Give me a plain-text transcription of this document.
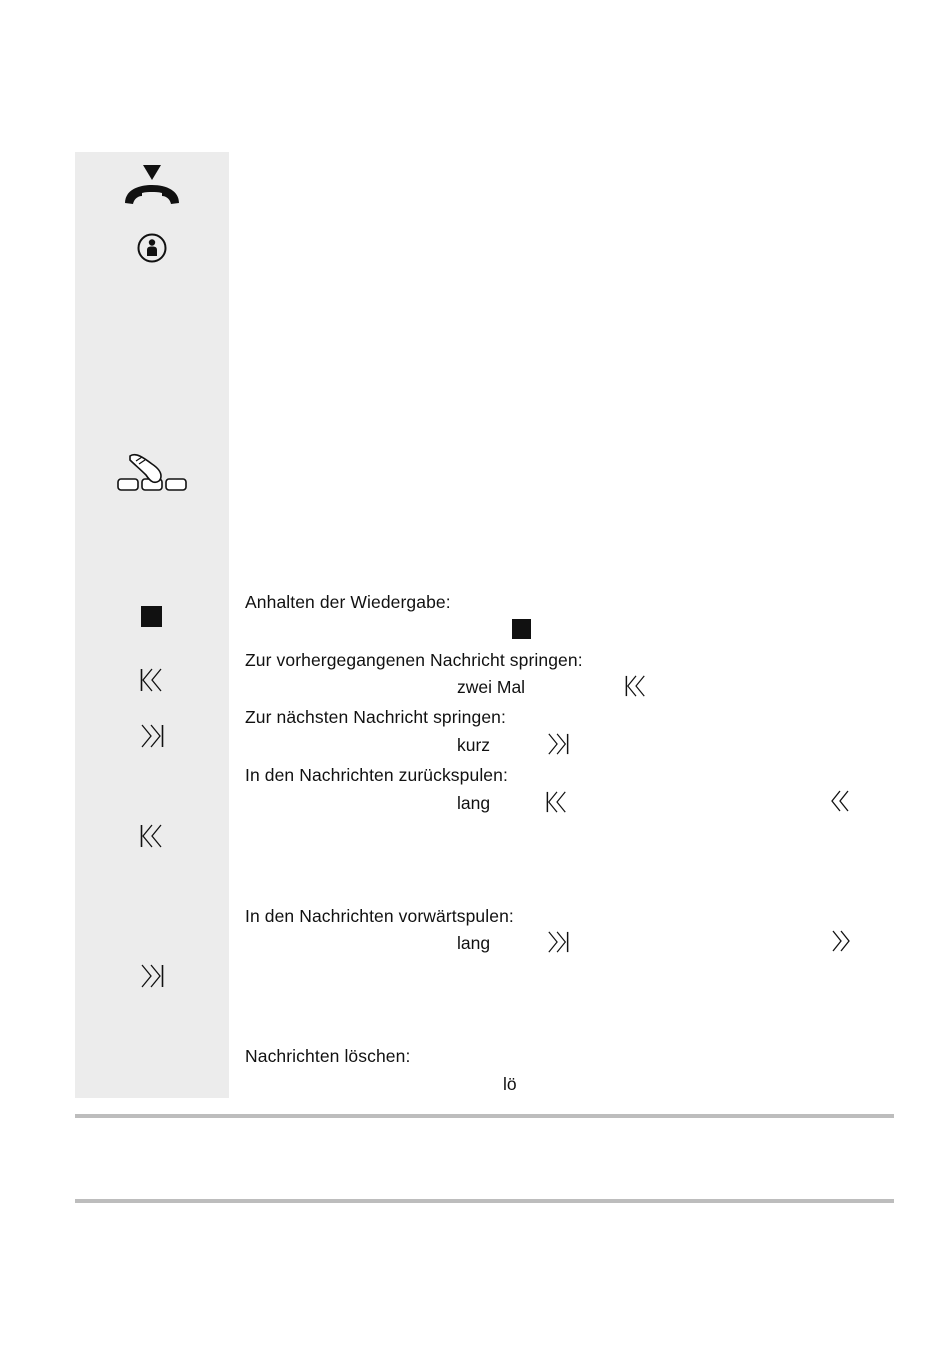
Anhalten der Wiedergabe:
Zur vorhergegangenen Nachricht springen:
zwei Mal
Zur nächsten Nachricht springen:
kurz
In den Nachrichten zurückspulen:
lang
In den Nachrichten vorwärtspulen:
lang
Nachrichten löschen:
lö
